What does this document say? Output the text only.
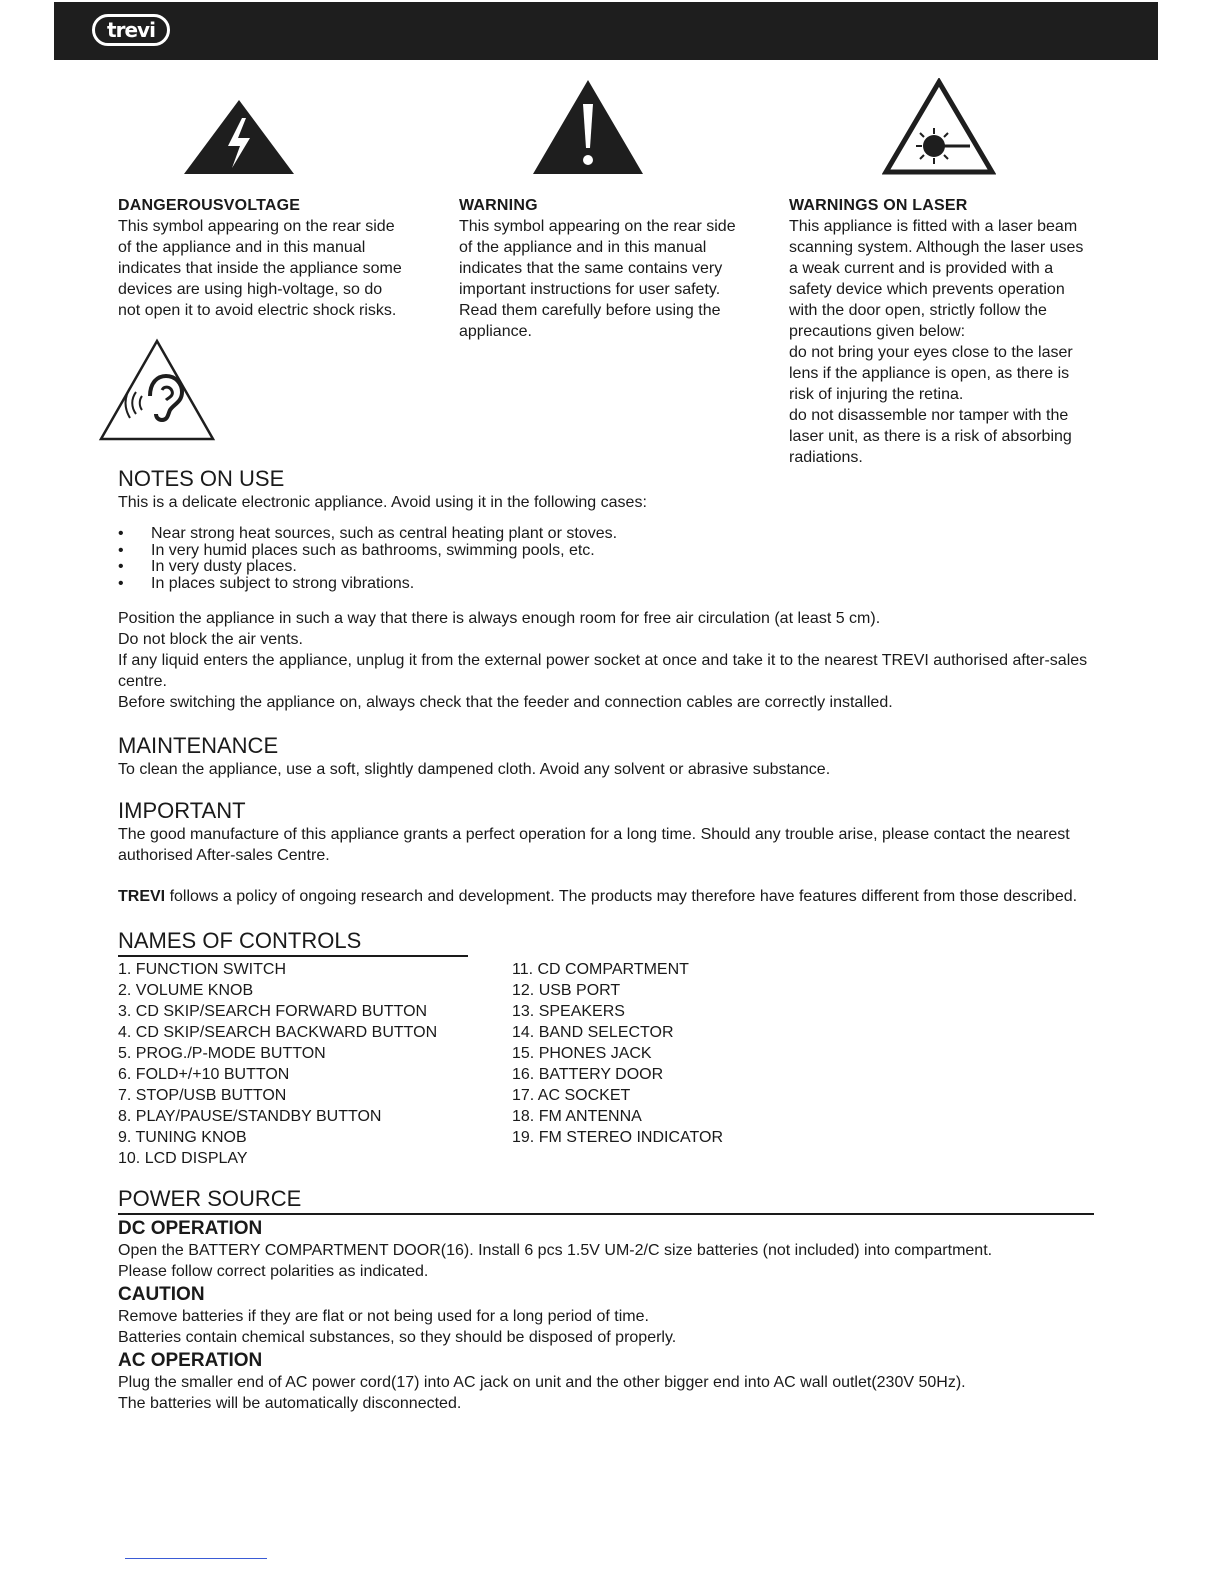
trevi
DANGEROUSVOLTAGE

This symbol appearing on the rear side

of the appliance and in this manual

indicates that inside the appliance some

devices are using high-voltage, so do

not open it to avoid electric shock risks.

WARNING

This symbol appearing on the rear side

of the appliance and in this manual

indicates that the same contains very

important instructions for user safety.

Read them carefully before using the

appliance.

WARNINGS ON LASER

This appliance is fitted with a laser beam

scanning system. Although the laser uses

a weak current and is provided with a

safety device which prevents operation

with the door open, strictly follow the

precautions given below:

do not bring your eyes close to the laser

lens if the appliance is open, as there is

risk of injuring the retina.

do not disassemble nor tamper with the

laser unit, as there is a risk of absorbing

radiations.

NOTES ON USE

This is a delicate electronic appliance. Avoid using it in the following cases:

• Near strong heat sources, such as central heating plant or stoves.
• In very humid places such as bathrooms, swimming pools, etc.
• In very dusty places.
• In places subject to strong vibrations.

Position the appliance in such a way that there is always enough room for free air circulation (at least 5 cm).

Do not block the air vents.

If any liquid enters the appliance, unplug it from the external power socket at once and take it to the nearest TREVI authorised after-sales centre.

Before switching the appliance on, always check that the feeder and connection cables are correctly installed.

MAINTENANCE

To clean the appliance, use a soft, slightly dampened cloth. Avoid any solvent or abrasive substance.

IMPORTANT

The good manufacture of this appliance grants a perfect operation for a long time. Should any trouble arise, please contact the nearest authorised After-sales Centre.

TREVI follows a policy of ongoing research and development. The products may therefore have features different from those described.

NAMES OF CONTROLS
1. FUNCTION SWITCH
2. VOLUME KNOB
3. CD SKIP/SEARCH FORWARD BUTTON
4. CD SKIP/SEARCH BACKWARD BUTTON
5. PROG./P-MODE BUTTON
6. FOLD+/+10 BUTTON
7. STOP/USB BUTTON
8. PLAY/PAUSE/STANDBY BUTTON
9. TUNING KNOB
10. LCD DISPLAY
11. CD COMPARTMENT
12. USB PORT
13. SPEAKERS
14. BAND SELECTOR
15. PHONES JACK
16. BATTERY DOOR
17. AC SOCKET
18. FM ANTENNA
19. FM STEREO INDICATOR
POWER SOURCE
DC OPERATION

Open the BATTERY COMPARTMENT DOOR(16). Install 6 pcs 1.5V UM-2/C size batteries (not included) into compartment.

Please follow correct polarities as indicated.

CAUTION

Remove batteries if they are flat or not being used for a long period of time.

Batteries contain chemical substances, so they should be disposed of properly.

AC OPERATION

Plug the smaller end of AC power cord(17) into AC jack on unit and the other bigger end into AC wall outlet(230V 50Hz).

The batteries will be automatically disconnected.
